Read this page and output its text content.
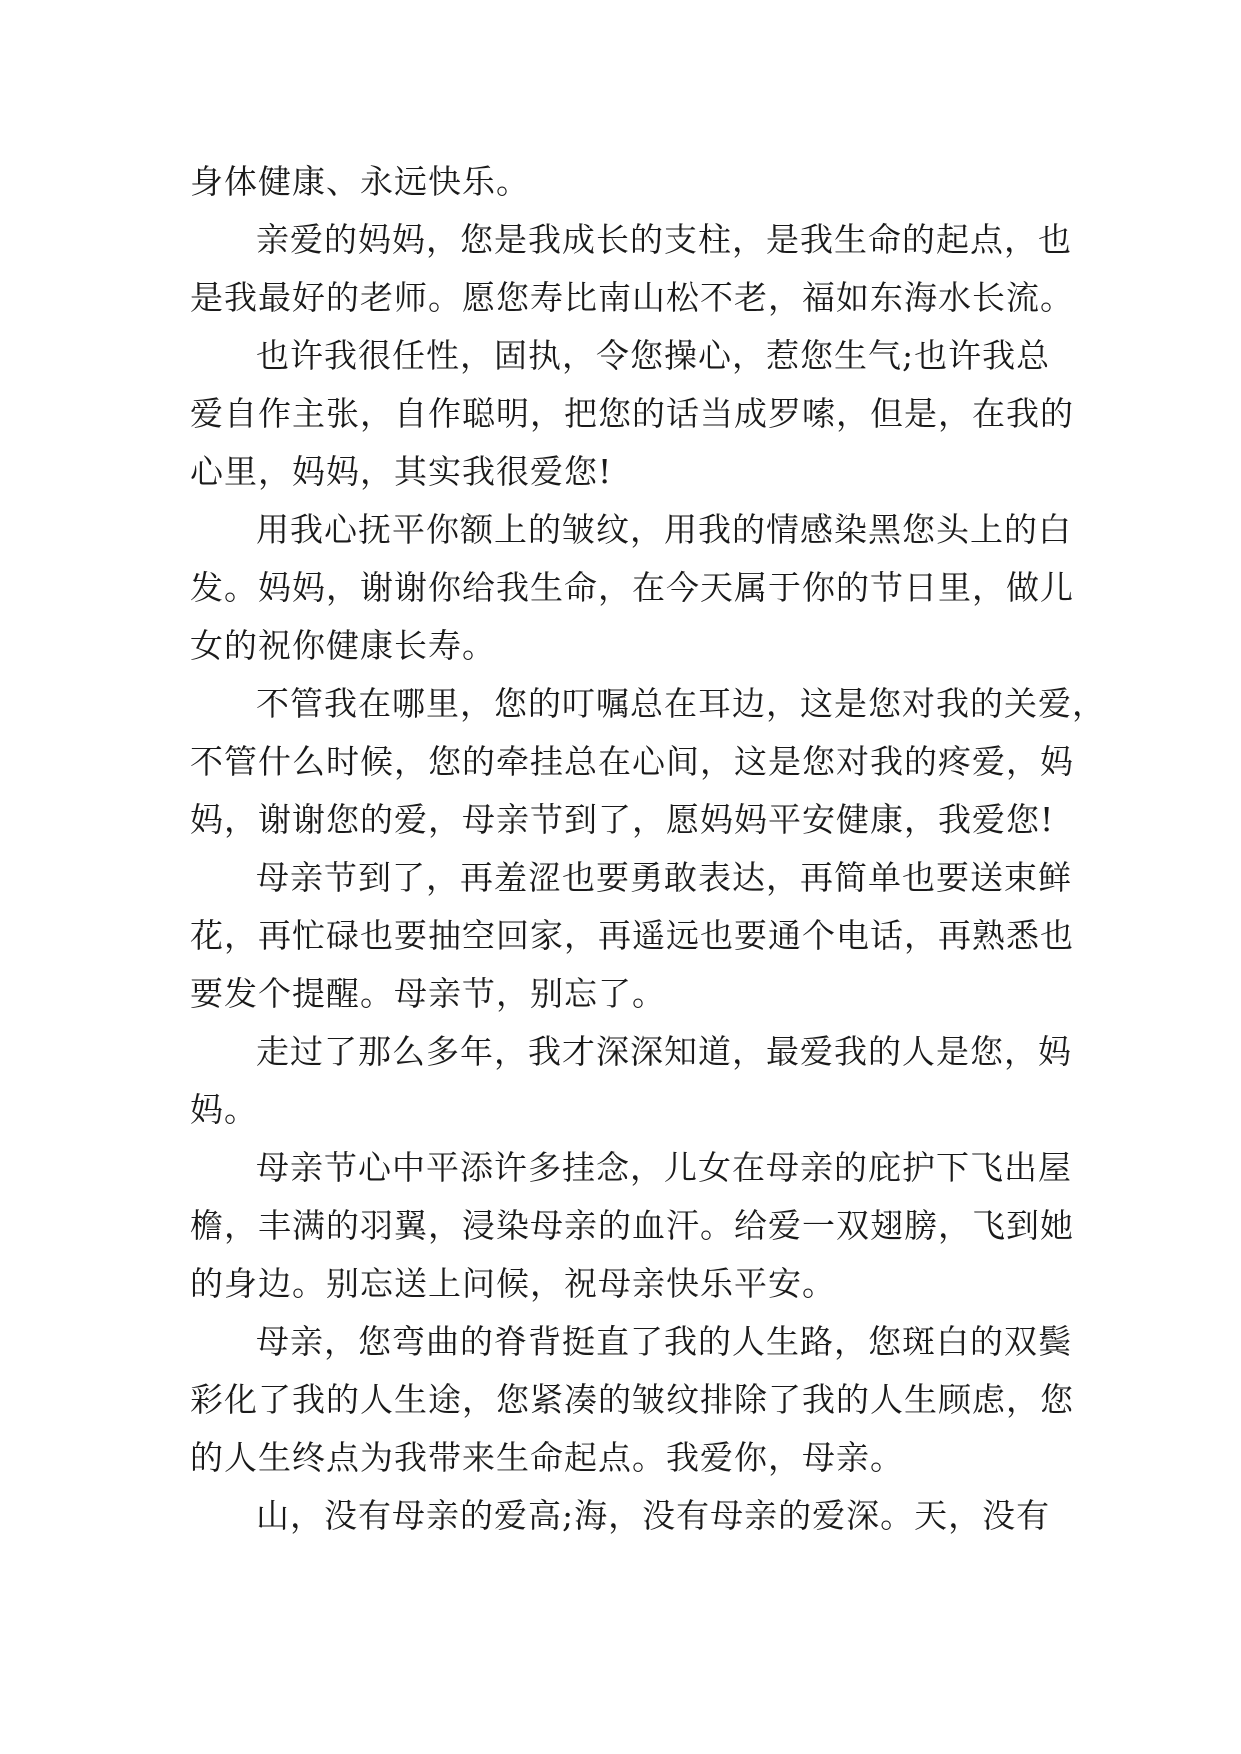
身体健康、永远快乐。
亲爱的妈妈，您是我成长的支柱，是我生命的起点，也
是我最好的老师。愿您寿比南山松不老，福如东海水长流。
也许我很任性，固执，令您操心，惹您生气;也许我总
爱自作主张，自作聪明，把您的话当成罗嗦，但是，在我的
心里，妈妈，其实我很爱您!
用我心抚平你额上的皱纹，用我的情感染黑您头上的白
发。妈妈，谢谢你给我生命，在今天属于你的节日里，做儿
女的祝你健康长寿。
不管我在哪里，您的叮嘱总在耳边，这是您对我的关爱，
不管什么时候，您的牵挂总在心间，这是您对我的疼爱，妈
妈，谢谢您的爱，母亲节到了，愿妈妈平安健康，我爱您!
母亲节到了，再羞涩也要勇敢表达，再简单也要送束鲜
花，再忙碌也要抽空回家，再遥远也要通个电话，再熟悉也
要发个提醒。母亲节，别忘了。
走过了那么多年，我才深深知道，最爱我的人是您，妈
妈。
母亲节心中平添许多挂念，儿女在母亲的庇护下飞出屋
檐，丰满的羽翼，浸染母亲的血汗。给爱一双翅膀，飞到她
的身边。别忘送上问候，祝母亲快乐平安。
母亲，您弯曲的脊背挺直了我的人生路，您斑白的双鬓
彩化了我的人生途，您紧凑的皱纹排除了我的人生顾虑，您
的人生终点为我带来生命起点。我爱你，母亲。
山，没有母亲的爱高;海，没有母亲的爱深。天，没有
